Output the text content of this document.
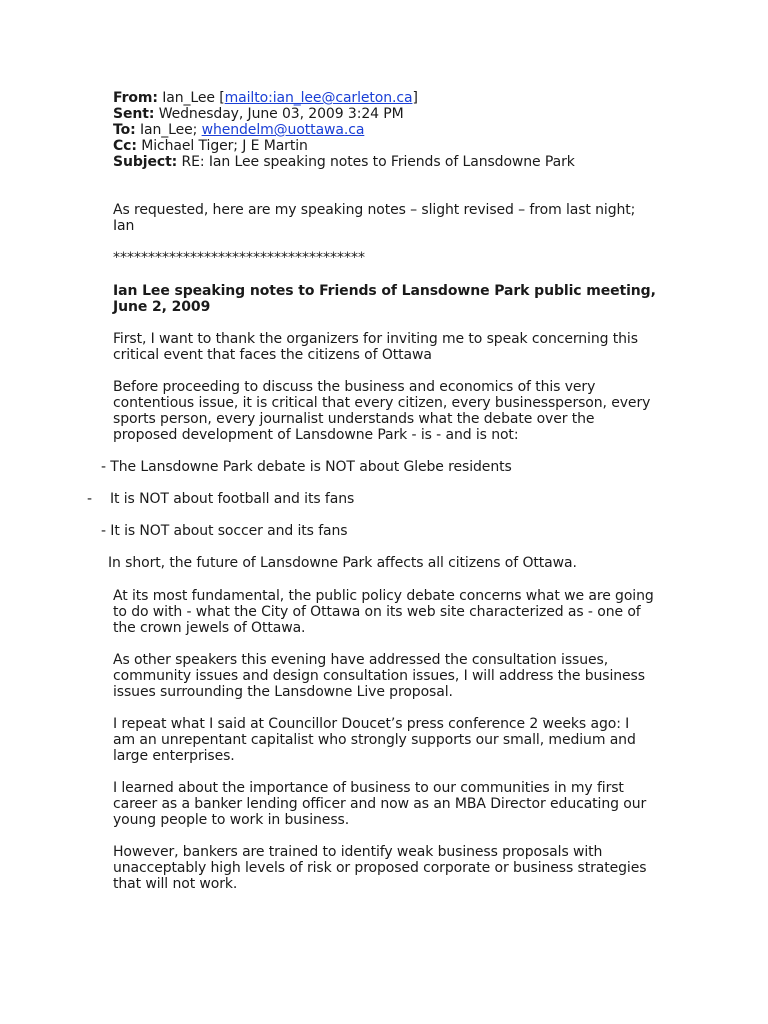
From: Ian_Lee [mailto:ian_lee@carleton.ca]
Sent: Wednesday, June 03, 2009 3:24 PM
To: Ian_Lee; whendelm@uottawa.ca
Cc: Michael Tiger; J E Martin
Subject: RE: Ian Lee speaking notes to Friends of Lansdowne Park
As requested, here are my speaking notes – slight revised – from last night;
Ian
************************************
Ian Lee speaking notes to Friends of Lansdowne Park public meeting,
June 2, 2009
First, I want to thank the organizers for inviting me to speak concerning this
critical event that faces the citizens of Ottawa
Before proceeding to discuss the business and economics of this very
contentious issue, it is critical that every citizen, every businessperson, every
sports person, every journalist understands what the debate over the
proposed development of Lansdowne Park - is - and is not:
- The Lansdowne Park debate is NOT about Glebe residents
- It is NOT about football and its fans
- It is NOT about soccer and its fans
In short, the future of Lansdowne Park affects all citizens of Ottawa.
At its most fundamental, the public policy debate concerns what we are going
to do with - what the City of Ottawa on its web site characterized as - one of
the crown jewels of Ottawa.
As other speakers this evening have addressed the consultation issues,
community issues and design consultation issues, I will address the business
issues surrounding the Lansdowne Live proposal.
I repeat what I said at Councillor Doucet’s press conference 2 weeks ago: I
am an unrepentant capitalist who strongly supports our small, medium and
large enterprises.
I learned about the importance of business to our communities in my first
career as a banker lending officer and now as an MBA Director educating our
young people to work in business.
However, bankers are trained to identify weak business proposals with
unacceptably high levels of risk or proposed corporate or business strategies
that will not work.
